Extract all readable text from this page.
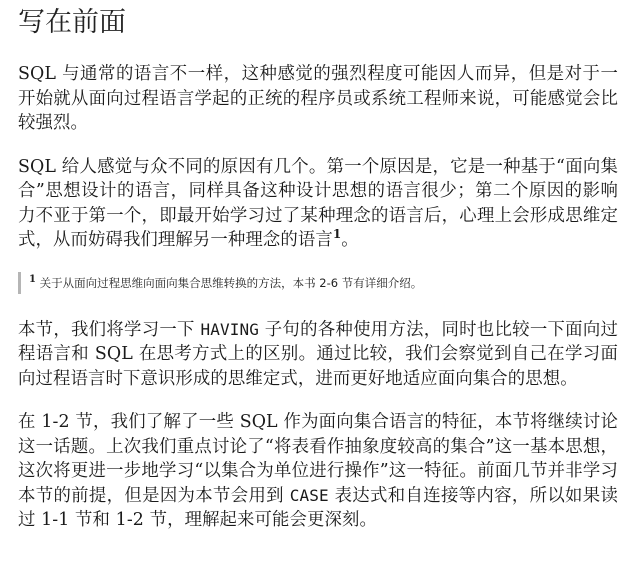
写在前面

SQL 与通常的语言不一样，这种感觉的强烈程度可能因人而异，但是对于一开始就从面向过程语言学起的正统的程序员或系统工程师来说，可能感觉会比较强烈。

SQL 给人感觉与众不同的原因有几个。第一个原因是，它是一种基于“面向集合”思想设计的语言，同样具备这种设计思想的语言很少；第二个原因的影响力不亚于第一个，即最开始学习过了某种理念的语言后，心理上会形成思维定式，从而妨碍我们理解另一种理念的语言$^1$。

$^1$ 关于从面向过程思维向面向集合思维转换的方法，本书 2-6 节有详细介绍。

本节，我们将学习一下 HAVING 子句的各种使用方法，同时也比较一下面向过程语言和 SQL 在思考方式上的区别。通过比较，我们会察觉到自己在学习面向过程语言时下意识形成的思维定式，进而更好地适应面向集合的思想。

在 1-2 节，我们了解了一些 SQL 作为面向集合语言的特征，本节将继续讨论这一话题。上次我们重点讨论了“将表看作抽象度较高的集合”这一基本思想，这次将更进一步地学习“以集合为单位进行操作”这一特征。前面几节并非学习本节的前提，但是因为本节会用到 CASE 表达式和自连接等内容，所以如果读过 1-1 节和 1-2 节，理解起来可能会更深刻。
